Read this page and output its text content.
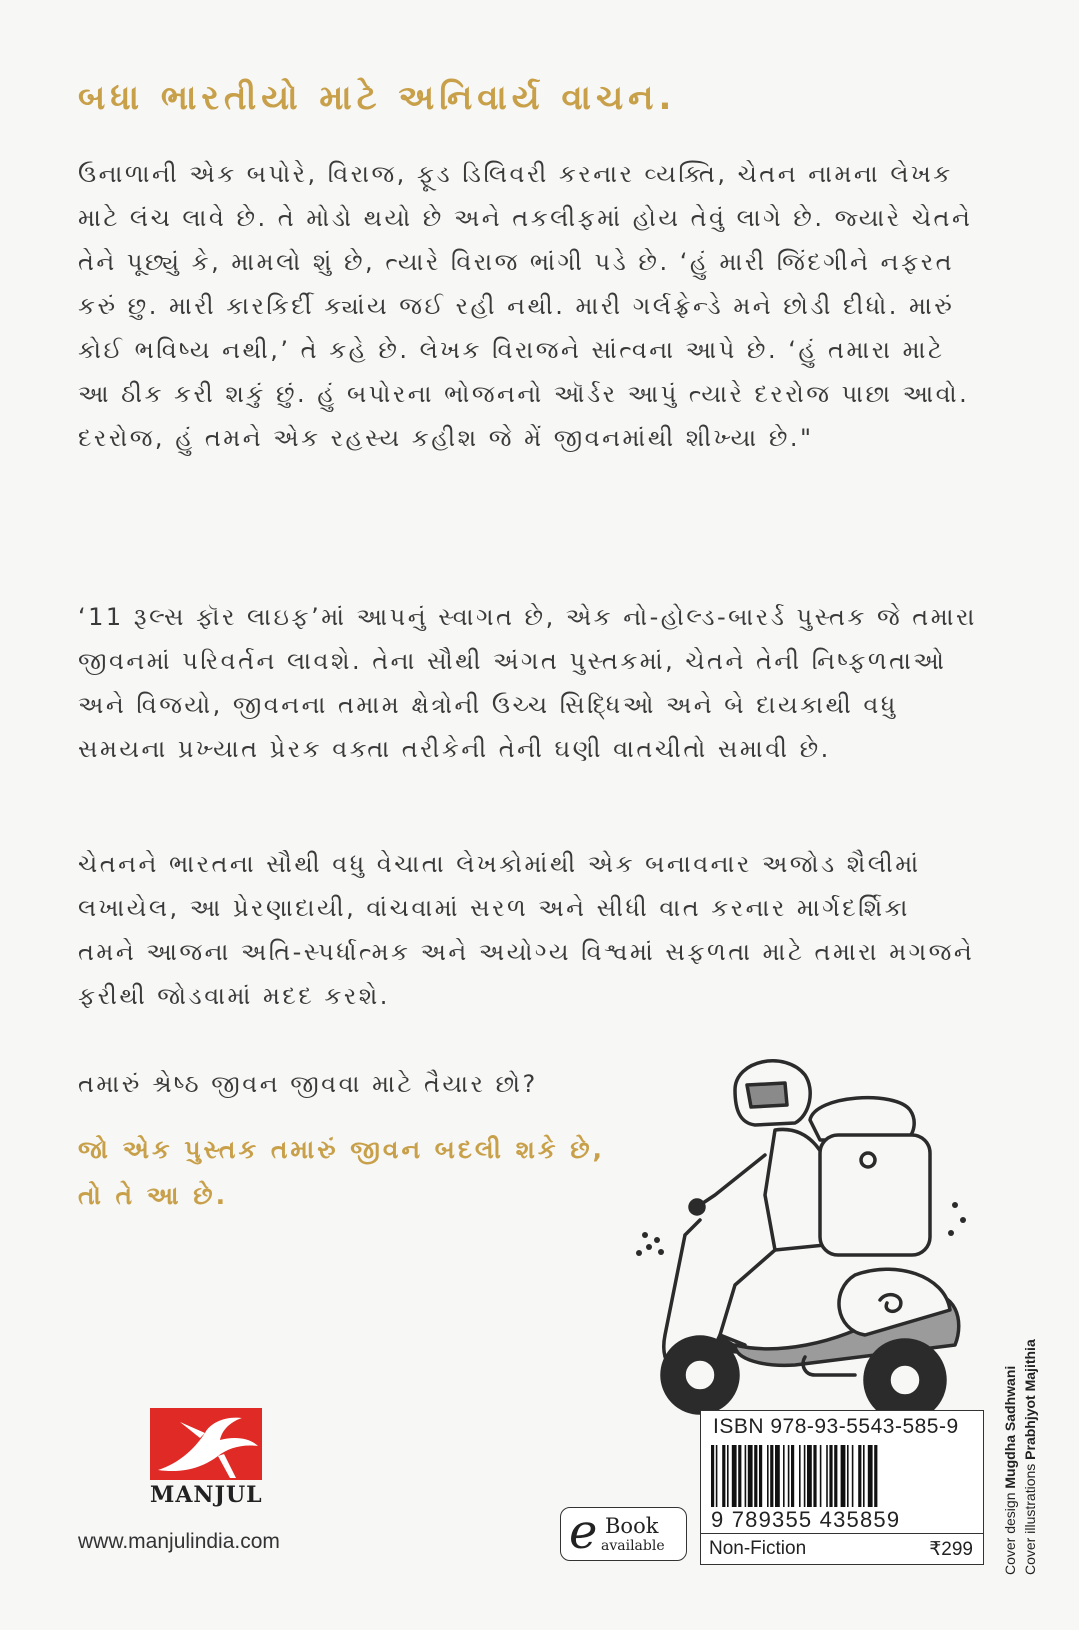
બધા ભારતીયો માટે અનિવાર્ય વાચન.

ઉનાળાની એક બપોરે, વિરાજ, ફૂડ ડિલિવરી કરનાર વ્યક્તિ, ચેતન નામના લેખક માટે લંચ લાવે છે. તે મોડો થયો છે અને તકલીફમાં હોય તેવું લાગે છે. જ્યારે ચેતને તેને પૂછ્યું કે, મામલો શું છે, ત્યારે વિરાજ ભાંગી પડે છે. ‘હું મારી જિંદગીને નફરત કરું છુ. મારી કારકિર્દી ક્યાંય જઈ રહી નથી. મારી ગર્લફ્રેન્ડે મને છોડી દીધો. મારું કોઈ ભવિષ્ય નથી,’ તે કહે છે. લેખક વિરાજને સાંત્વના આપે છે. ‘હું તમારા માટે આ ઠીક કરી શકું છું. હું બપોરના ભોજનનો ઑર્ડર આપું ત્યારે દરરોજ પાછા આવો. દરરોજ, હું તમને એક રહસ્ય કહીશ જે મેં જીવનમાંથી શીખ્યા છે."

‘11 રૂલ્સ ફૉર લાઇફ’માં આપનું સ્વાગત છે, એક નો-હોલ્ડ-બારર્ડ પુસ્તક જે તમારા જીવનમાં પરિવર્તન લાવશે. તેના સૌથી અંગત પુસ્તકમાં, ચેતને તેની નિષ્ફળતાઓ અને વિજયો, જીવનના તમામ ક્ષેત્રોની ઉચ્ચ સિદ્ધિઓ અને બે દાયકાથી વધુ સમયના પ્રખ્યાત પ્રેરક વક્તા તરીકેની તેની ઘણી વાતચીતો સમાવી છે.

ચેતનને ભારતના સૌથી વધુ વેચાતા લેખકોમાંથી એક બનાવનાર અજોડ શૈલીમાં લખાયેલ, આ પ્રેરણાદાયી, વાંચવામાં સરળ અને સીધી વાત કરનાર માર્ગદર્શિકા તમને આજના અતિ-સ્પર્ધાત્મક અને અયોગ્ય વિશ્વમાં સફળતા માટે તમારા મગજને ફરીથી જોડવામાં મદદ કરશે.

તમારું શ્રેષ્ઠ જીવન જીવવા માટે તૈયાર છો?
જો એક પુસ્તક તમારું જીવન બદલી શકે છે,
તો તે આ છે.
MANJUL
www.manjulindia.com	e Book
available
ISBN 978-93-5543-585-9
9 789355 435859
Non-Fiction	₹299 Cover design Mugdha Sadhwani
Cover illustrations Prabhjyot Majithia
